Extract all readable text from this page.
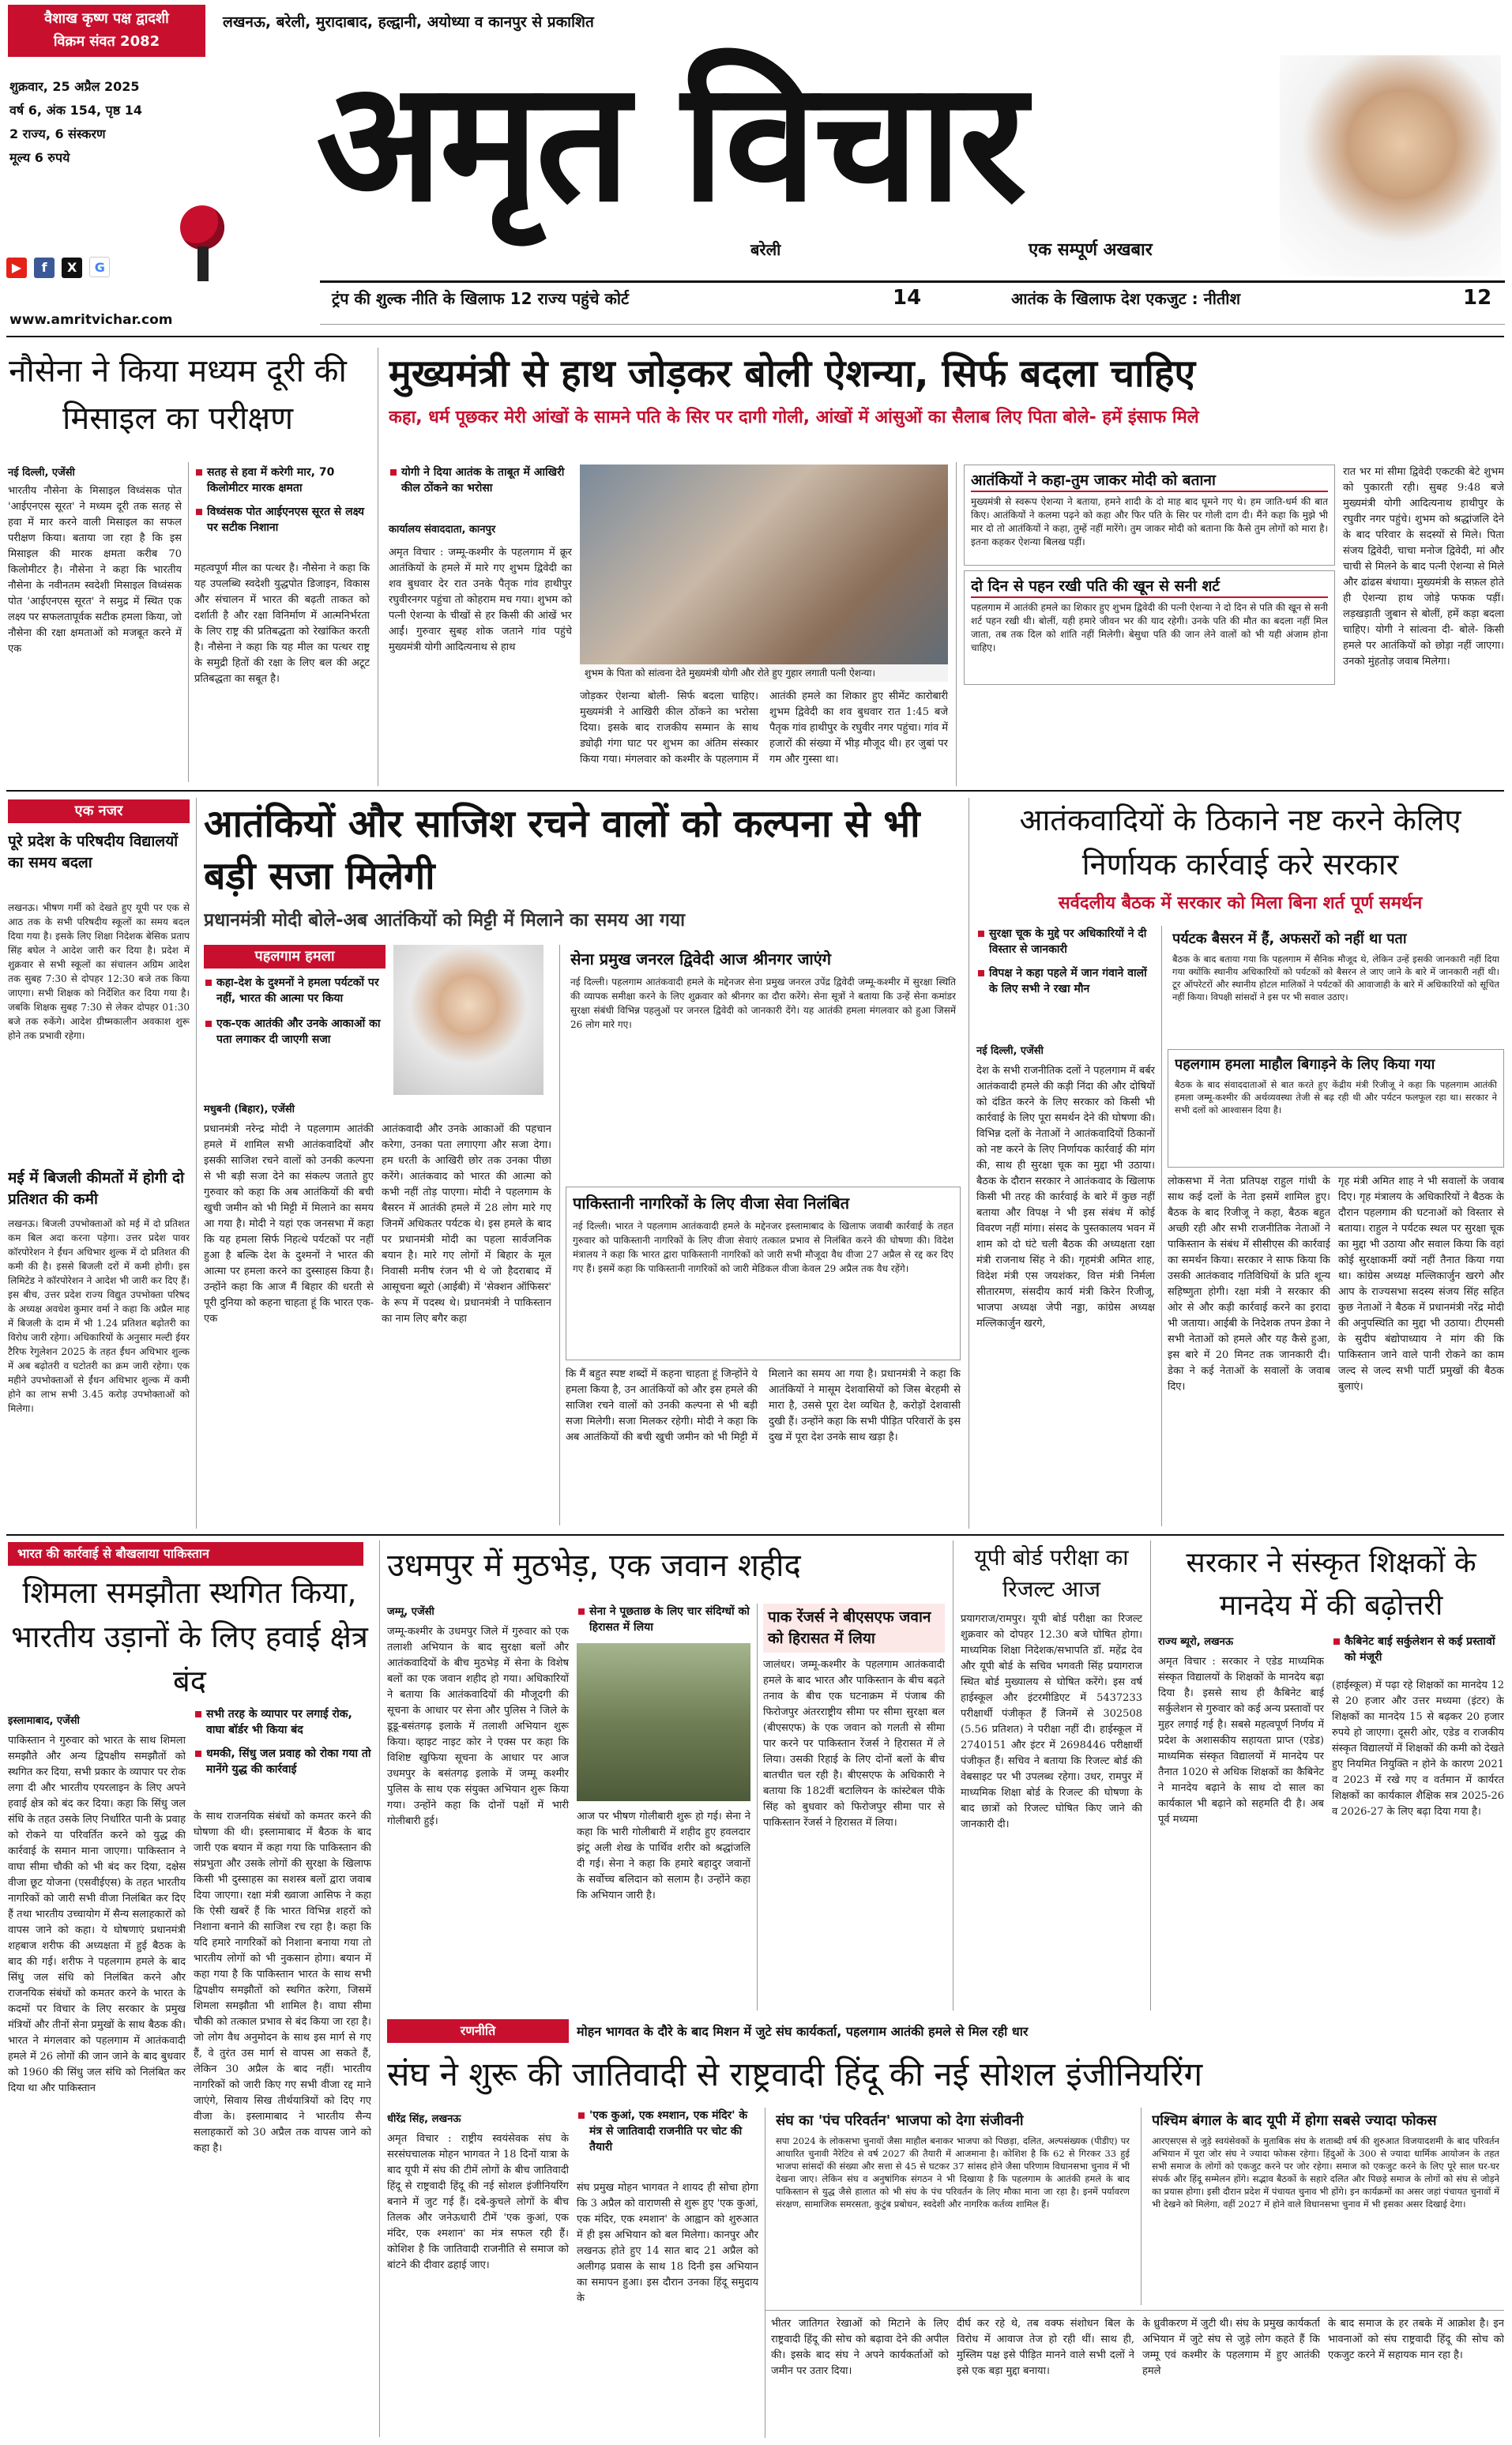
वैशाख कृष्ण पक्ष द्वादशी
विक्रम संवत 2082
लखनऊ, बरेली, मुरादाबाद, हल्द्वानी, अयोध्या व कानपुर से प्रकाशित
शुक्रवार, 25 अप्रैल 2025
वर्ष 6, अंक 154, पृष्ठ 14
2 राज्य, 6 संस्करण
मूल्य 6 रुपये
▶ f X G
www.amritvichar.com
अमृत विचार
बरेली	एक सम्पूर्ण अखबार
ट्रंप की शुल्क नीति के खिलाफ 12 राज्य पहुंचे कोर्ट	14	आतंक के खिलाफ देश एकजुट : नीतीश	12
नौसेना ने किया मध्यम दूरी की मिसाइल का परीक्षण
नई दिल्ली, एजेंसी
भारतीय नौसेना के मिसाइल विध्वंसक पोत 'आईएनएस सूरत' ने मध्यम दूरी तक सतह से हवा में मार करने वाली मिसाइल का सफल परीक्षण किया। बताया जा रहा है कि इस मिसाइल की मारक क्षमता करीब 70 किलोमीटर है। नौसेना ने कहा कि भारतीय नौसेना के नवीनतम स्वदेशी मिसाइल विध्वंसक पोत 'आईएनएस सूरत' ने समुद्र में स्थित एक लक्ष्य पर सफलतापूर्वक सटीक हमला किया, जो नौसेना की रक्षा क्षमताओं को मजबूत करने में एक
सतह से हवा में करेगी मार, 70 किलोमीटर मारक क्षमता
विध्वंसक पोत आईएनएस सूरत से लक्ष्य पर सटीक निशाना
महत्वपूर्ण मील का पत्थर है। नौसेना ने कहा कि यह उपलब्धि स्वदेशी युद्धपोत डिजाइन, विकास और संचालन में भारत की बढ़ती ताकत को दर्शाती है और रक्षा विनिर्माण में आत्मनिर्भरता के लिए राष्ट्र की प्रतिबद्धता को रेखांकित करती है। नौसेना ने कहा कि यह मील का पत्थर राष्ट्र के समुद्री हितों की रक्षा के लिए बल की अटूट प्रतिबद्धता का सबूत है।
मुख्यमंत्री से हाथ जोड़कर बोली ऐशन्या, सिर्फ बदला चाहिए
कहा, धर्म पूछकर मेरी आंखों के सामने पति के सिर पर दागी गोली, आंखों में आंसुओं का सैलाब लिए पिता बोले- हमें इंसाफ मिले
योगी ने दिया आतंक के ताबूत में आखिरी कील ठोंकने का भरोसा
कार्यालय संवाददाता, कानपुर
अमृत विचार : जम्मू-कश्मीर के पहलगाम में क्रूर आतंकियों के हमले में मारे गए शुभम द्विवेदी का शव बुधवार देर रात उनके पैतृक गांव हाथीपुर रघुवीरनगर पहुंचा तो कोहराम मच गया। शुभम को पत्नी ऐशन्या के चीखों से हर किसी की आंखें भर आईं। गुरुवार सुबह शोक जताने गांव पहुंचे मुख्यमंत्री योगी आदित्यनाथ से हाथ
शुभम के पिता को सांत्वना देते मुख्यमंत्री योगी और रोते हुए गुहार लगाती पत्नी ऐशन्या।
जोड़कर ऐशन्या बोली- सिर्फ बदला चाहिए। मुख्यमंत्री ने आखिरी कील ठोंकने का भरोसा दिया। इसके बाद राजकीय सम्मान के साथ ड्योढ़ी गंगा घाट पर शुभम का अंतिम संस्कार किया गया। मंगलवार को कश्मीर के पहलगाम में आतंकी हमले का शिकार हुए सीमेंट कारोबारी शुभम द्विवेदी का शव बुधवार रात 1:45 बजे पैतृक गांव हाथीपुर के रघुवीर नगर पहुंचा। गांव में हजारों की संख्या में भीड़ मौजूद थी। हर जुबां पर गम और गुस्सा था।
आतंकियों ने कहा-तुम जाकर मोदी को बताना
मुख्यमंत्री से स्वरूप ऐशन्या ने बताया, हमने शादी के दो माह बाद घूमने गए थे। हम जाति-धर्म की बात किए। आतंकियों ने कलमा पढ़ने को कहा और फिर पति के सिर पर गोली दाग दी। मैंने कहा कि मुझे भी मार दो तो आतंकियों ने कहा, तुम्हें नहीं मारेंगे। तुम जाकर मोदी को बताना कि कैसे तुम लोगों को मारा है। इतना कहकर ऐशन्या बिलख पड़ीं।
दो दिन से पहन रखी पति की खून से सनी शर्ट
पहलगाम में आतंकी हमले का शिकार हुए शुभम द्विवेदी की पत्नी ऐशन्या ने दो दिन से पति की खून से सनी शर्ट पहन रखी थी। बोलीं, यही हमारे जीवन भर की याद रहेगी। उनके पति की मौत का बदला नहीं मिल जाता, तब तक दिल को शांति नहीं मिलेगी। बेसुधा पति की जान लेने वालों को भी यही अंजाम होना चाहिए।
रात भर मां सीमा द्विवेदी एकटकी बेटे शुभम को पुकारती रही। सुबह 9:48 बजे मुख्यमंत्री योगी आदित्यनाथ हाथीपुर के रघुवीर नगर पहुंचे। शुभम को श्रद्धांजलि देने के बाद परिवार के सदस्यों से मिले। पिता संजय द्विवेदी, चाचा मनोज द्विवेदी, मां और चाची से मिलने के बाद पत्नी ऐशन्या से मिले और ढांढस बंधाया। मुख्यमंत्री के सफ़ल होते ही ऐशन्या हाथ जोड़े फफक पड़ीं। लड़खड़ाती जुबान से बोलीं, हमें कड़ा बदला चाहिए। योगी ने सांत्वना दी- बोले- किसी हमले पर आतंकियों को छोड़ा नहीं जाएगा। उनको मुंहतोड़ जवाब मिलेगा।
एक नजर
पूरे प्रदेश के परिषदीय विद्यालयों का समय बदला
लखनऊ। भीषण गर्मी को देखते हुए यूपी पर एक से आठ तक के सभी परिषदीय स्कूलों का समय बदल दिया गया है। इसके लिए शिक्षा निदेशक बेसिक प्रताप सिंह बघेल ने आदेश जारी कर दिया है। प्रदेश में शुक्रवार से सभी स्कूलों का संचालन अग्रिम आदेश तक सुबह 7:30 से दोपहर 12:30 बजे तक किया जाएगा। सभी शिक्षक को निर्देशित कर दिया गया है। जबकि शिक्षक सुबह 7:30 से लेकर दोपहर 01:30 बजे तक रुकेंगे। आदेश ग्रीष्मकालीन अवकाश शुरू होने तक प्रभावी रहेगा।
मई में बिजली कीमतों में होगी दो प्रतिशत की कमी
लखनऊ। बिजली उपभोक्ताओं को मई में दो प्रतिशत कम बिल अदा करना पड़ेगा। उत्तर प्रदेश पावर कॉरपोरेशन ने ईंधन अधिभार शुल्क में दो प्रतिशत की कमी की है। इससे बिजली दरों में कमी होगी। इस लिमिटेड ने कॉरपोरेशन ने आदेश भी जारी कर दिए हैं। इस बीच, उत्तर प्रदेश राज्य विद्युत उपभोक्ता परिषद के अध्यक्ष अवधेश कुमार वर्मा ने कहा कि अप्रैल माह में बिजली के दाम में भी 1.24 प्रतिशत बढ़ोतरी का विरोध जारी रहेगा। अधिकारियों के अनुसार मल्टी ईयर टैरिफ रेगुलेशन 2025 के तहत ईंधन अधिभार शुल्क में अब बढ़ोतरी व घटोतरी का क्रम जारी रहेगा। एक महीने उपभोक्ताओं से ईंधन अधिभार शुल्क में कमी होने का लाभ सभी 3.45 करोड़ उपभोक्ताओं को मिलेगा।
आतंकियों और साजिश रचने वालों को कल्पना से भी बड़ी सजा मिलेगी
प्रधानमंत्री मोदी बोले-अब आतंकियों को मिट्टी में मिलाने का समय आ गया
पहलगाम हमला
कहा-देश के दुश्मनों ने हमला पर्यटकों पर नहीं, भारत की आत्मा पर किया
एक-एक आतंकी और उनके आकाओं का पता लगाकर दी जाएगी सजा
मधुबनी (बिहार), एजेंसी
प्रधानमंत्री नरेन्द्र मोदी ने पहलगाम आतंकी हमले में शामिल सभी आतंकवादियों और इसकी साजिश रचने वालों को उनकी कल्पना से भी बड़ी सजा देने का संकल्प जताते हुए गुरुवार को कहा कि अब आतंकियों की बची खुची जमीन को भी मिट्टी में मिलाने का समय आ गया है। मोदी ने यहां एक जनसभा में कहा कि यह हमला सिर्फ निहत्थे पर्यटकों पर नहीं हुआ है बल्कि देश के दुश्मनों ने भारत की आत्मा पर हमला करने का दुस्साहस किया है। उन्होंने कहा कि आज मैं बिहार की धरती से पूरी दुनिया को कहना चाहता हूं कि भारत एक-एक
आतंकवादी और उनके आकाओं की पहचान करेगा, उनका पता लगाएगा और सजा देगा। हम धरती के आखिरी छोर तक उनका पीछा करेंगे। आतंकवाद को भारत की आत्मा को कभी नहीं तोड़ पाएगा। मोदी ने पहलगाम के बैसरन में आतंकी हमले में 28 लोग मारे गए जिनमें अधिकतर पर्यटक थे। इस हमले के बाद पर प्रधानमंत्री मोदी का पहला सार्वजनिक बयान है। मारे गए लोगों में बिहार के मूल निवासी मनीष रंजन भी थे जो हैदराबाद में आसूचना ब्यूरो (आईबी) में 'सेक्शन ऑफिसर' के रूप में पदस्थ थे। प्रधानमंत्री ने पाकिस्तान का नाम लिए बगैर कहा
सेना प्रमुख जनरल द्विवेदी आज श्रीनगर जाएंगे
नई दिल्ली। पहलगाम आतंकवादी हमले के मद्देनजर सेना प्रमुख जनरल उपेंद्र द्विवेदी जम्मू-कश्मीर में सुरक्षा स्थिति की व्यापक समीक्षा करने के लिए शुक्रवार को श्रीनगर का दौरा करेंगे। सेना सूत्रों ने बताया कि उन्हें सेना कमांडर सुरक्षा संबंधी विभिन्न पहलुओं पर जनरल द्विवेदी को जानकारी देंगे। यह आतंकी हमला मंगलवार को हुआ जिसमें 26 लोग मारे गए।
पाकिस्तानी नागरिकों के लिए वीजा सेवा निलंबित
नई दिल्ली। भारत ने पहलगाम आतंकवादी हमले के मद्देनजर इस्लामाबाद के खिलाफ जवाबी कार्रवाई के तहत गुरुवार को पाकिस्तानी नागरिकों के लिए वीजा सेवाएं तत्काल प्रभाव से निलंबित करने की घोषणा की। विदेश मंत्रालय ने कहा कि भारत द्वारा पाकिस्तानी नागरिकों को जारी सभी मौजूदा वैध वीजा 27 अप्रैल से रद्द कर दिए गए हैं। इसमें कहा कि पाकिस्तानी नागरिकों को जारी मेडिकल वीजा केवल 29 अप्रैल तक वैध रहेंगे।
कि मैं बहुत स्पष्ट शब्दों में कहना चाहता हूं जिन्होंने ये हमला किया है, उन आतंकियों को और इस हमले की साजिश रचने वालों को उनकी कल्पना से भी बड़ी सजा मिलेगी। सजा मिलकर रहेगी। मोदी ने कहा कि अब आतंकियों की बची खुची जमीन को भी मिट्टी में मिलाने का समय आ गया है। प्रधानमंत्री ने कहा कि आतंकियों ने मासूम देशवासियों को जिस बेरहमी से मारा है, उससे पूरा देश व्यथित है, करोड़ों देशवासी दुखी हैं। उन्होंने कहा कि सभी पीड़ित परिवारों के इस दुख में पूरा देश उनके साथ खड़ा है।
आतंकवादियों के ठिकाने नष्ट करने केलिए निर्णायक कार्रवाई करे सरकार
सर्वदलीय बैठक में सरकार को मिला बिना शर्त पूर्ण समर्थन
सुरक्षा चूक के मुद्दे पर अधिकारियों ने दी विस्तार से जानकारी
विपक्ष ने कहा पहले में जान गंवाने वालों के लिए सभी ने रखा मौन
नई दिल्ली, एजेंसी
देश के सभी राजनीतिक दलों ने पहलगाम में बर्बर आतंकवादी हमले की कड़ी निंदा की और दोषियों को दंडित करने के लिए सरकार को किसी भी कार्रवाई के लिए पूरा समर्थन देने की घोषणा की। विभिन्न दलों के नेताओं ने आतंकवादियों ठिकानों को नष्ट करने के लिए निर्णायक कार्रवाई की मांग की, साथ ही सुरक्षा चूक का मुद्दा भी उठाया। बैठक के दौरान सरकार ने आतंकवाद के खिलाफ किसी भी तरह की कार्रवाई के बारे में कुछ नहीं बताया और विपक्ष ने भी इस संबंध में कोई विवरण नहीं मांगा। संसद के पुस्तकालय भवन में शाम को दो घंटे चली बैठक की अध्यक्षता रक्षा मंत्री राजनाथ सिंह ने की। गृहमंत्री अमित शाह, विदेश मंत्री एस जयशंकर, वित्त मंत्री निर्मला सीतारमण, संसदीय कार्य मंत्री किरेन रिजीजू, भाजपा अध्यक्ष जेपी नड्डा, कांग्रेस अध्यक्ष मल्लिकार्जुन खरगे,
पर्यटक बैसरन में हैं, अफसरों को नहीं था पता
बैठक के बाद बताया गया कि पहलगाम में सैनिक मौजूद थे, लेकिन उन्हें इसकी जानकारी नहीं दिया गया क्योंकि स्थानीय अधिकारियों को पर्यटकों को बैसरन ले जाए जाने के बारे में जानकारी नहीं थी। टूर ऑपरेटरों और स्थानीय होटल मालिकों ने पर्यटकों की आवाजाही के बारे में अधिकारियों को सूचित नहीं किया। विपक्षी सांसदों ने इस पर भी सवाल उठाए।
पहलगाम हमला माहौल बिगाड़ने के लिए किया गया
बैठक के बाद संवाददाताओं से बात करते हुए केंद्रीय मंत्री रिजीजू ने कहा कि पहलगाम आतंकी हमला जम्मू-कश्मीर की अर्थव्यवस्था तेजी से बढ़ रही थी और पर्यटन फलफूल रहा था। सरकार ने सभी दलों को आश्वासन दिया है।
लोकसभा में नेता प्रतिपक्ष राहुल गांधी के साथ कई दलों के नेता इसमें शामिल हुए। बैठक के बाद रिजीजू ने कहा, बैठक बहुत अच्छी रही और सभी राजनीतिक नेताओं ने पाकिस्तान के संबंध में सीसीएस की कार्रवाई का समर्थन किया। सरकार ने साफ किया कि उसकी आतंकवाद गतिविधियों के प्रति शून्य सहिष्णुता होगी। रक्षा मंत्री ने सरकार की ओर से और कड़ी कार्रवाई करने का इरादा भी जताया। आईबी के निदेशक तपन डेका ने सभी नेताओं को हमले और यह कैसे हुआ, इस बारे में 20 मिनट तक जानकारी दी। डेका ने कई नेताओं के सवालों के जवाब दिए।
गृह मंत्री अमित शाह ने भी सवालों के जवाब दिए। गृह मंत्रालय के अधिकारियों ने बैठक के दौरान पहलगाम की घटनाओं को विस्तार से बताया। राहुल ने पर्यटक स्थल पर सुरक्षा चूक का मुद्दा भी उठाया और सवाल किया कि वहां कोई सुरक्षाकर्मी क्यों नहीं तैनात किया गया था। कांग्रेस अध्यक्ष मल्लिकार्जुन खरगे और आप के राज्यसभा सदस्य संजय सिंह सहित कुछ नेताओं ने बैठक में प्रधानमंत्री नरेंद्र मोदी की अनुपस्थिति का मुद्दा भी उठाया। टीएमसी के सुदीप बंद्योपाध्याय ने मांग की कि पाकिस्तान जाने वाले पानी रोकने का काम जल्द से जल्द सभी पार्टी प्रमुखों की बैठक बुलाएं।
भारत की कार्रवाई से बौखलाया पाकिस्तान
शिमला समझौता स्थगित किया, भारतीय उड़ानों के लिए हवाई क्षेत्र बंद
इस्लामाबाद, एजेंसी
सभी तरह के व्यापार पर लगाई रोक, वाघा बॉर्डर भी किया बंद
धमकी, सिंधु जल प्रवाह को रोका गया तो मानेंगे युद्ध की कार्रवाई
पाकिस्तान ने गुरुवार को भारत के साथ शिमला समझौते और अन्य द्विपक्षीय समझौतों को स्थगित कर दिया, सभी प्रकार के व्यापार पर रोक लगा दी और भारतीय एयरलाइन के लिए अपने हवाई क्षेत्र को बंद कर दिया। कहा कि सिंधु जल संधि के तहत उसके लिए निर्धारित पानी के प्रवाह को रोकने या परिवर्तित करने को युद्ध की कार्रवाई के समान माना जाएगा। पाकिस्तान ने वाघा सीमा चौकी को भी बंद कर दिया, दक्षेस वीजा छूट योजना (एसवीईएस) के तहत भारतीय नागरिकों को जारी सभी वीजा निलंबित कर दिए हैं तथा भारतीय उच्चायोग में सैन्य सलाहकारों को वापस जाने को कहा। ये घोषणाएं प्रधानमंत्री शहबाज शरीफ की अध्यक्षता में हुई बैठक के बाद की गई। शरीफ ने पहलगाम हमले के बाद सिंधु जल संधि को निलंबित करने और राजनयिक संबंधों को कमतर करने के भारत के कदमों पर विचार के लिए सरकार के प्रमुख मंत्रियों और तीनों सेना प्रमुखों के साथ बैठक की। भारत ने मंगलवार को पहलगाम में आतंकवादी हमले में 26 लोगों की जान जाने के बाद बुधवार को 1960 की सिंधु जल संधि को निलंबित कर दिया था और पाकिस्तान
के साथ राजनयिक संबंधों को कमतर करने की घोषणा की थी। इस्लामाबाद में बैठक के बाद जारी एक बयान में कहा गया कि पाकिस्तान की संप्रभुता और उसके लोगों की सुरक्षा के खिलाफ किसी भी दुस्साहस का सशस्त्र बलों द्वारा जवाब दिया जाएगा। रक्षा मंत्री ख्वाजा आसिफ ने कहा कि ऐसी खबरें हैं कि भारत विभिन्न शहरों को निशाना बनाने की साजिश रच रहा है। कहा कि यदि हमारे नागरिकों को निशाना बनाया गया तो भारतीय लोगों को भी नुकसान होगा। बयान में कहा गया है कि पाकिस्तान भारत के साथ सभी द्विपक्षीय समझौतों को स्थगित करेगा, जिसमें शिमला समझौता भी शामिल है। वाघा सीमा चौकी को तत्काल प्रभाव से बंद किया जा रहा है। जो लोग वैध अनुमोदन के साथ इस मार्ग से गए हैं, वे तुरंत उस मार्ग से वापस आ सकते हैं, लेकिन 30 अप्रैल के बाद नहीं। भारतीय नागरिकों को जारी किए गए सभी वीजा रद्द माने जाएंगे, सिवाय सिख तीर्थयात्रियों को दिए गए वीजा के। इस्लामाबाद ने भारतीय सैन्य सलाहकारों को 30 अप्रैल तक वापस जाने को कहा है।
उधमपुर में मुठभेड़, एक जवान शहीद
जम्मू, एजेंसी
जम्मू-कश्मीर के उधमपुर जिले में गुरुवार को एक तलाशी अभियान के बाद सुरक्षा बलों और आतंकवादियों के बीच मुठभेड़ में सेना के विशेष बलों का एक जवान शहीद हो गया। अधिकारियों ने बताया कि आतंकवादियों की मौजूदगी की सूचना के आधार पर सेना और पुलिस ने जिले के डूडू-बसंतगढ़ इलाके में तलाशी अभियान शुरू किया। व्हाइट नाइट कोर ने एक्स पर कहा कि विशिष्ट खुफिया सूचना के आधार पर आज उधमपुर के बसंतगढ़ इलाके में जम्मू कश्मीर पुलिस के साथ एक संयुक्त अभियान शुरू किया गया। उन्होंने कहा कि दोनों पक्षों में भारी गोलीबारी हुई।
सेना ने पूछताछ के लिए चार संदिग्धों को हिरासत में लिया
आज पर भीषण गोलीबारी शुरू हो गई। सेना ने कहा कि भारी गोलीबारी में शहीद हुए हवलदार झंटू अली शेख के पार्थिव शरीर को श्रद्धांजलि दी गई। सेना ने कहा कि हमारे बहादुर जवानों के सर्वोच्च बलिदान को सलाम है। उन्होंने कहा कि अभियान जारी है।
पाक रेंजर्स ने बीएसएफ जवान को हिरासत में लिया
जालंधर। जम्मू-कश्मीर के पहलगाम आतंकवादी हमले के बाद भारत और पाकिस्तान के बीच बढ़ते तनाव के बीच एक घटनाक्रम में पंजाब की फिरोजपुर अंतरराष्ट्रीय सीमा पर सीमा सुरक्षा बल (बीएसएफ) के एक जवान को गलती से सीमा पार करने पर पाकिस्तान रेंजर्स ने हिरासत में ले लिया। उसकी रिहाई के लिए दोनों बलों के बीच बातचीत चल रही है। बीएसएफ के अधिकारी ने बताया कि 182वीं बटालियन के कांस्टेबल पीके सिंह को बुधवार को फिरोजपुर सीमा पार से पाकिस्तान रेंजर्स ने हिरासत में लिया।
यूपी बोर्ड परीक्षा का रिजल्ट आज
प्रयागराज/रामपुर। यूपी बोर्ड परीक्षा का रिजल्ट शुक्रवार को दोपहर 12.30 बजे घोषित होगा। माध्यमिक शिक्षा निदेशक/सभापति डॉ. महेंद्र देव और यूपी बोर्ड के सचिव भगवती सिंह प्रयागराज स्थित बोर्ड मुख्यालय से घोषित करेंगे। इस वर्ष हाईस्कूल और इंटरमीडिएट में 5437233 परीक्षार्थी पंजीकृत हैं जिनमें से 302508 (5.56 प्रतिशत) ने परीक्षा नहीं दी। हाईस्कूल में 2740151 और इंटर में 2698446 परीक्षार्थी पंजीकृत हैं। सचिव ने बताया कि रिजल्ट बोर्ड की वेबसाइट पर भी उपलब्ध रहेगा। उधर, रामपुर में माध्यमिक शिक्षा बोर्ड के रिजल्ट की घोषणा के बाद छात्रों को रिजल्ट घोषित किए जाने की जानकारी दी।
सरकार ने संस्कृत शिक्षकों के मानदेय में की बढ़ोत्तरी
राज्य ब्यूरो, लखनऊ	कैबिनेट बाई सर्कुलेशन से कई प्रस्तावों को मंजूरी
अमृत विचार : सरकार ने एडेड माध्यमिक संस्कृत विद्यालयों के शिक्षकों के मानदेय बढ़ा दिया है। इससे साथ ही कैबिनेट बाई सर्कुलेशन से गुरुवार को कई अन्य प्रस्तावों पर मुहर लगाई गई है। सबसे महत्वपूर्ण निर्णय में प्रदेश के अशासकीय सहायता प्राप्त (एडेड) माध्यमिक संस्कृत विद्यालयों में मानदेय पर तैनात 1020 से अधिक शिक्षकों का कैबिनेट ने मानदेय बढ़ाने के साथ दो साल का कार्यकाल भी बढ़ाने को सहमति दी है। अब पूर्व मध्यमा
(हाईस्कूल) में पढ़ा रहे शिक्षकों का मानदेय 12 से 20 हजार और उत्तर मध्यमा (इंटर) के शिक्षकों का मानदेय 15 से बढ़कर 20 हजार रुपये हो जाएगा। दूसरी ओर, एडेड व राजकीय संस्कृत विद्यालयों में शिक्षकों की कमी को देखते हुए नियमित नियुक्ति न होने के कारण 2021 व 2023 में रखे गए व वर्तमान में कार्यरत शिक्षकों का कार्यकाल शैक्षिक सत्र 2025-26 व 2026-27 के लिए बढ़ा दिया गया है।
रणनीति	मोहन भागवत के दौरे के बाद मिशन में जुटे संघ कार्यकर्ता, पहलगाम आतंकी हमले से मिल रही धार
संघ ने शुरू की जातिवादी से राष्ट्रवादी हिंदू की नई सोशल इंजीनियरिंग
धीरेंद्र सिंह, लखनऊ
अमृत विचार : राष्ट्रीय स्वयंसेवक संघ के सरसंघचालक मोहन भागवत ने 18 दिनों यात्रा के बाद यूपी में संघ की टीमें लोगों के बीच जातिवादी हिंदू से राष्ट्रवादी हिंदू की नई सोशल इंजीनियरिंग बनाने में जुट गई हैं। दबे-कुचले लोगों के बीच तिलक और जनेऊधारी टीमें 'एक कुआं, एक मंदिर, एक श्मशान' का मंत्र सफल रही हैं। कोशिश है कि जातिवादी राजनीति से समाज को बांटने की दीवार ढहाई जाए।
'एक कुआं, एक श्मशान, एक मंदिर' के मंत्र से जातिवादी राजनीति पर चोट की तैयारी
संघ प्रमुख मोहन भागवत ने शायद ही सोचा होगा कि 3 अप्रैल को वाराणसी से शुरू हुए 'एक कुआं, एक मंदिर, एक श्मशान' के आह्वान को शुरुआत में ही इस अभियान को बल मिलेगा। कानपुर और लखनऊ होते हुए 14 सात बाद 21 अप्रैल को अलीगढ़ प्रवास के साथ 18 दिनी इस अभियान का समापन हुआ। इस दौरान उनका हिंदू समुदाय के
संघ का 'पंच परिवर्तन' भाजपा को देगा संजीवनी
सपा 2024 के लोकसभा चुनावों जैसा माहौल बनाकर भाजपा को पिछड़ा, दलित, अल्पसंख्यक (पीडीए) पर आधारित चुनावी नैरेटिव से वर्ष 2027 की तैयारी में आजमाना है। कोशिश है कि 62 से गिरकर 33 हुई भाजपा सांसदों की संख्या और सत्ता से 45 से घटकर 37 सांसद होने जैसा परिणाम विधानसभा चुनाव में भी देखना जाए। लेकिन संघ व अनुषांगिक संगठन ने भी दिखाया है कि पहलगाम के आतंकी हमले के बाद पाकिस्तान से युद्ध जैसे हालात को भी संघ के पंच परिवर्तन के लिए मौका माना जा रहा है। इनमें पर्यावरण संरक्षण, सामाजिक समरसता, कुटुंब प्रबोधन, स्वदेशी और नागरिक कर्तव्य शामिल हैं।
पश्चिम बंगाल के बाद यूपी में होगा सबसे ज्यादा फोकस
आरएसएस से जुड़े स्वयंसेवकों के मुताबिक संघ के शताब्दी वर्ष की शुरुआत विजयादशमी के बाद परिवर्तन अभियान में पूरा जोर संघ ने ज्यादा फोकस रहेगा। हिंदुओं के 300 से ज्यादा धार्मिक आयोजन के तहत सभी समाज के लोगों को एकजुट करने पर जोर रहेगा। समाज को एकजुट करने के लिए पूरे साल घर-घर संपर्क और हिंदू सम्मेलन होंगे। सद्भाव बैठकों के सहारे दलित और पिछड़े समाज के लोगों को संघ से जोड़ने का प्रयास होगा। इसी दौरान प्रदेश में पंचायत चुनाव भी होंगे। इन कार्यक्रमों का असर जहां पंचायत चुनावों में भी देखने को मिलेगा, वहीं 2027 में होने वाले विधानसभा चुनाव में भी इसका असर दिखाई देगा।
भीतर जातिगत रेखाओं को मिटाने के लिए राष्ट्रवादी हिंदू की सोच को बढ़ावा देने की अपील की। इसके बाद संघ ने अपने कार्यकर्ताओं को जमीन पर उतार दिया।
दीर्घ कर रहे थे, तब वक्फ संशोधन बिल के विरोध में आवाज तेज हो रही थीं। साथ ही, मुस्लिम पक्ष इसे पीड़ित मानने वाले सभी दलों ने इसे एक बड़ा मुद्दा बनाया।
के ध्रुवीकरण में जुटी थी। संघ के प्रमुख कार्यकर्ता अभियान में जुटे संघ से जुड़े लोग कहते हैं कि जम्मू एवं कश्मीर के पहलगाम में हुए आतंकी हमले
के बाद समाज के हर तबके में आक्रोश है। इन भावनाओं को संघ राष्ट्रवादी हिंदू की सोच को एकजुट करने में सहायक मान रहा है।
